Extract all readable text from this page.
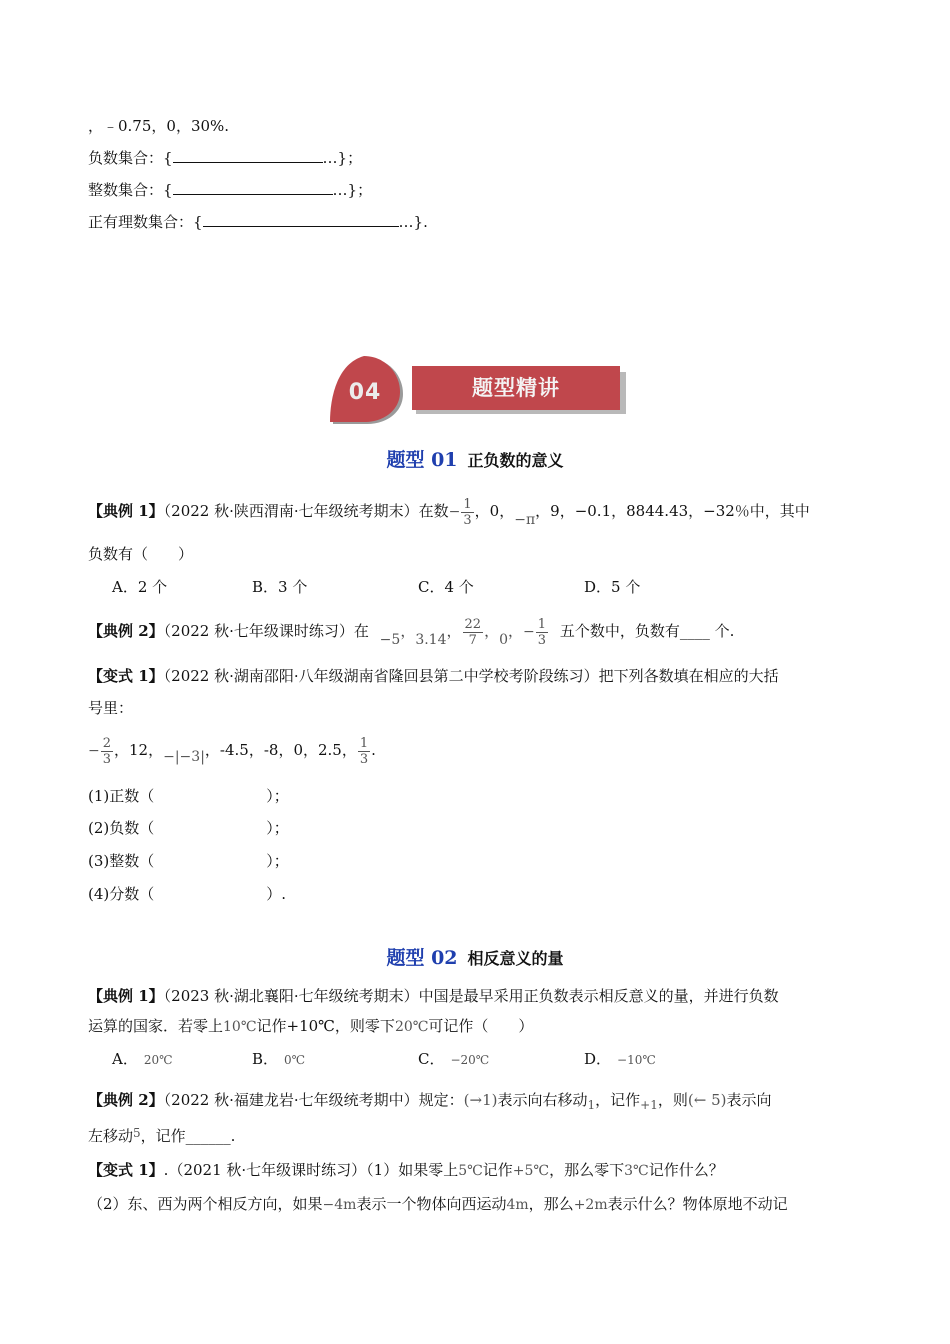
，﹣0.75，0，30%.
负数集合：{	…}；
整数集合：{	…}；
正有理数集合：{	…}.
04	题型精讲
题型 01 正负数的意义
【典例 1】（2022 秋·陕西渭南·七年级统考期末）在数− $\frac{1}{3}$ ，0，−π，9，−0.1，8844.43，−32％中，其中
负数有（　　）
A．2 个	B．3 个	C．4 个	D．5 个
【典例 2】（2022 秋·七年级课时练习）在 −5，3.14， $\frac{22}{7}$ ，0，− $\frac{1}{3}$ 五个数中，负数有____ 个.
【变式 1】（2022 秋·湖南邵阳·八年级湖南省隆回县第二中学校考阶段练习）把下列各数填在相应的大括
号里：
− $\frac{2}{3}$ ，12，−|−3|，-4.5，-8，0，2.5， $\frac{1}{3}$ .
(1)正数（	）；
(2)负数（	）；
(3)整数（	）；
(4)分数（	）.
题型 02 相反意义的量
【典例 1】（2023 秋·湖北襄阳·七年级统考期末）中国是最早采用正负数表示相反意义的量，并进行负数
运算的国家．若零上10℃记作+10℃，则零下20℃可记作（　　）
A． 20℃	B． 0℃	C． −20℃	D． −10℃
【典例 2】（2022 秋·福建龙岩·七年级统考期中）规定：(→1)表示向右移动$_1$，记作$_{+1}$，则(← 5)表示向
左移动$^5$，记作______.
【变式 1】.（2021 秋·七年级课时练习）（1）如果零上5℃记作+5℃，那么零下3℃记作什么？
（2）东、西为两个相反方向，如果−4m表示一个物体向西运动4m，那么+2m表示什么？物体原地不动记
